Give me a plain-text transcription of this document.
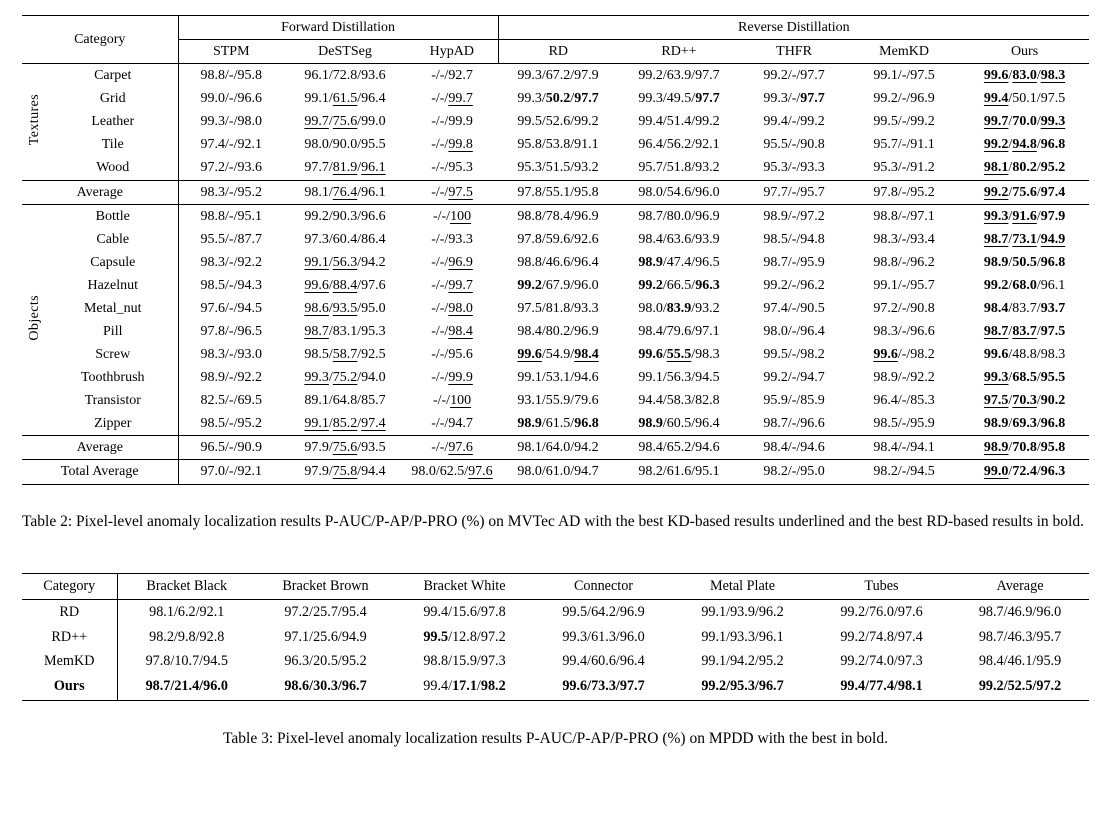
Category		Forward Distillation			Reverse Distillation				
		STPM	DeSTSeg	HypAD	RD	RD++	THFR	MemKD	Ours
Textures	Carpet	98.8/-/95.8	96.1/72.8/93.6	-/-/92.7	99.3/67.2/97.9	99.2/63.9/97.7	99.2/-/97.7	99.1/-/97.5	99.6/83.0/98.3
	Grid	99.0/-/96.6	99.1/61.5/96.4	-/-/99.7	99.3/50.2/97.7	99.3/49.5/97.7	99.3/-/97.7	99.2/-/96.9	99.4/50.1/97.5
	Leather	99.3/-/98.0	99.7/75.6/99.0	-/-/99.9	99.5/52.6/99.2	99.4/51.4/99.2	99.4/-/99.2	99.5/-/99.2	99.7/70.0/99.3
	Tile	97.4/-/92.1	98.0/90.0/95.5	-/-/99.8	95.8/53.8/91.1	96.4/56.2/92.1	95.5/-/90.8	95.7/-/91.1	99.2/94.8/96.8
	Wood	97.2/-/93.6	97.7/81.9/96.1	-/-/95.3	95.3/51.5/93.2	95.7/51.8/93.2	95.3/-/93.3	95.3/-/91.2	98.1/80.2/95.2
Average		98.3/-/95.2	98.1/76.4/96.1	-/-/97.5	97.8/55.1/95.8	98.0/54.6/96.0	97.7/-/95.7	97.8/-/95.2	99.2/75.6/97.4
Objects	Bottle	98.8/-/95.1	99.2/90.3/96.6	-/-/100	98.8/78.4/96.9	98.7/80.0/96.9	98.9/-/97.2	98.8/-/97.1	99.3/91.6/97.9
	Cable	95.5/-/87.7	97.3/60.4/86.4	-/-/93.3	97.8/59.6/92.6	98.4/63.6/93.9	98.5/-/94.8	98.3/-/93.4	98.7/73.1/94.9
	Capsule	98.3/-/92.2	99.1/56.3/94.2	-/-/96.9	98.8/46.6/96.4	98.9/47.4/96.5	98.7/-/95.9	98.8/-/96.2	98.9/50.5/96.8
	Hazelnut	98.5/-/94.3	99.6/88.4/97.6	-/-/99.7	99.2/67.9/96.0	99.2/66.5/96.3	99.2/-/96.2	99.1/-/95.7	99.2/68.0/96.1
	Metal_nut	97.6/-/94.5	98.6/93.5/95.0	-/-/98.0	97.5/81.8/93.3	98.0/83.9/93.2	97.4/-/90.5	97.2/-/90.8	98.4/83.7/93.7
	Pill	97.8/-/96.5	98.7/83.1/95.3	-/-/98.4	98.4/80.2/96.9	98.4/79.6/97.1	98.0/-/96.4	98.3/-/96.6	98.7/83.7/97.5
	Screw	98.3/-/93.0	98.5/58.7/92.5	-/-/95.6	99.6/54.9/98.4	99.6/55.5/98.3	99.5/-/98.2	99.6/-/98.2	99.6/48.8/98.3
	Toothbrush	98.9/-/92.2	99.3/75.2/94.0	-/-/99.9	99.1/53.1/94.6	99.1/56.3/94.5	99.2/-/94.7	98.9/-/92.2	99.3/68.5/95.5
	Transistor	82.5/-/69.5	89.1/64.8/85.7	-/-/100	93.1/55.9/79.6	94.4/58.3/82.8	95.9/-/85.9	96.4/-/85.3	97.5/70.3/90.2
	Zipper	98.5/-/95.2	99.1/85.2/97.4	-/-/94.7	98.9/61.5/96.8	98.9/60.5/96.4	98.7/-/96.6	98.5/-/95.9	98.9/69.3/96.8
Average		96.5/-/90.9	97.9/75.6/93.5	-/-/97.6	98.1/64.0/94.2	98.4/65.2/94.6	98.4/-/94.6	98.4/-/94.1	98.9/70.8/95.8
Total Average		97.0/-/92.1	97.9/75.8/94.4	98.0/62.5/97.6	98.0/61.0/94.7	98.2/61.6/95.1	98.2/-/95.0	98.2/-/94.5	99.0/72.4/96.3

Table 2: Pixel-level anomaly localization results P-AUC/P-AP/P-PRO (%) on MVTec AD with the best KD-based results underlined and the best RD-based results in bold.

Category	Bracket Black	Bracket Brown	Bracket White	Connector	Metal Plate	Tubes	Average
RD	98.1/6.2/92.1	97.2/25.7/95.4	99.4/15.6/97.8	99.5/64.2/96.9	99.1/93.9/96.2	99.2/76.0/97.6	98.7/46.9/96.0
RD++	98.2/9.8/92.8	97.1/25.6/94.9	99.5/12.8/97.2	99.3/61.3/96.0	99.1/93.3/96.1	99.2/74.8/97.4	98.7/46.3/95.7
MemKD	97.8/10.7/94.5	96.3/20.5/95.2	98.8/15.9/97.3	99.4/60.6/96.4	99.1/94.2/95.2	99.2/74.0/97.3	98.4/46.1/95.9
Ours	98.7/21.4/96.0	98.6/30.3/96.7	99.4/17.1/98.2	99.6/73.3/97.7	99.2/95.3/96.7	99.4/77.4/98.1	99.2/52.5/97.2

Table 3: Pixel-level anomaly localization results P-AUC/P-AP/P-PRO (%) on MPDD with the best in bold.
